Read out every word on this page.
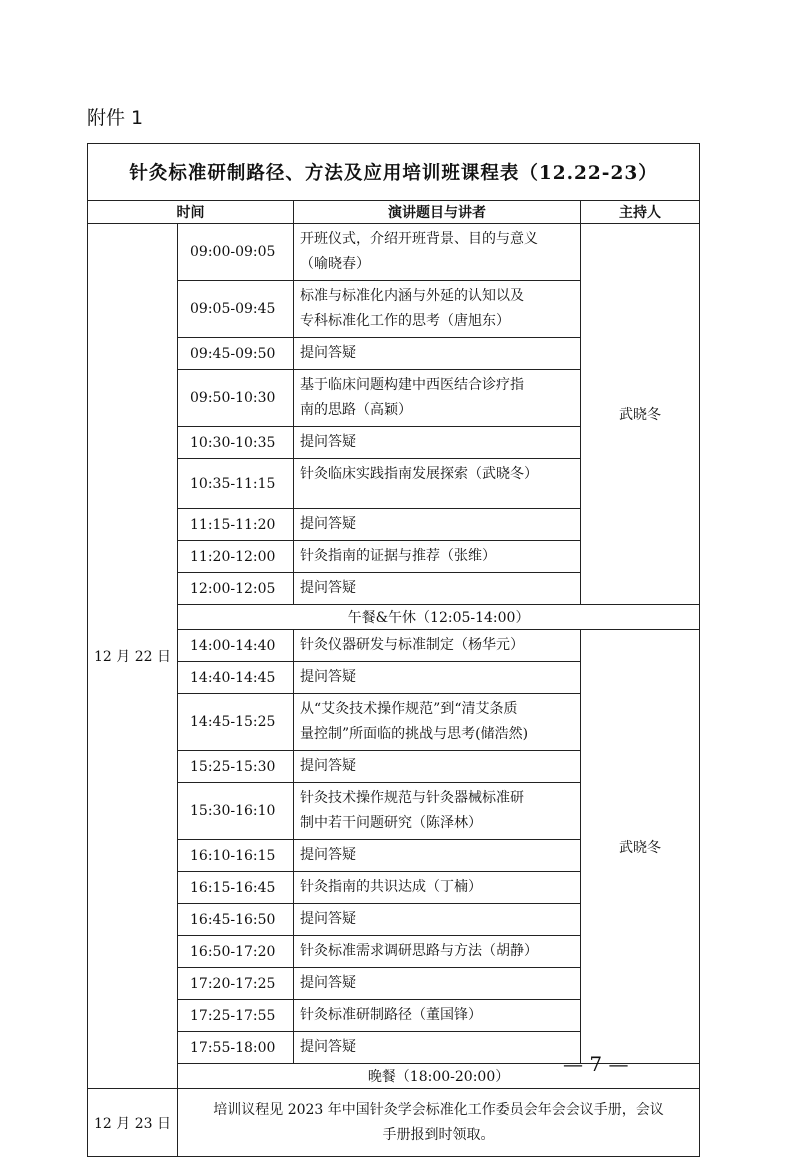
附件 1
针灸标准研制路径、方法及应用培训班课程表（12.22-23）			
时间		演讲题目与讲者	主持人
12 月 22 日	09:00-09:05	开班仪式，介绍开班背景、目的与意义
（喻晓春）	武晓冬
	09:05-09:45	标准与标准化内涵与外延的认知以及
专科标准化工作的思考（唐旭东）	

	09:45-09:50	提问答疑	

	09:50-10:30	基于临床问题构建中西医结合诊疗指
南的思路（高颖）	

	10:30-10:35	提问答疑	

	10:35-11:15	针灸临床实践指南发展探索（武晓冬）	

	11:15-11:20	提问答疑	

	11:20-12:00	针灸指南的证据与推荐（张维）	

	12:00-12:05	提问答疑	

	午餐&午休（12:05-14:00）		
	14:00-14:40	针灸仪器研发与标准制定（杨华元）	武晓冬
	14:40-14:45	提问答疑	

	14:45-15:25	从“艾灸技术操作规范”到“清艾条质
量控制”所面临的挑战与思考(储浩然)	

	15:25-15:30	提问答疑	

	15:30-16:10	针灸技术操作规范与针灸器械标准研
制中若干问题研究（陈泽林）	

	16:10-16:15	提问答疑	

	16:15-16:45	针灸指南的共识达成（丁楠）	

	16:45-16:50	提问答疑	

	16:50-17:20	针灸标准需求调研思路与方法（胡静）	

	17:20-17:25	提问答疑	

	17:25-17:55	针灸标准研制路径（董国锋）	

	17:55-18:00	提问答疑	

	晚餐（18:00-20:00）		
12 月 23 日	培训议程见 2023 年中国针灸学会标准化工作委员会年会会议手册，会议
手册报到时领取。		
— 7 —
